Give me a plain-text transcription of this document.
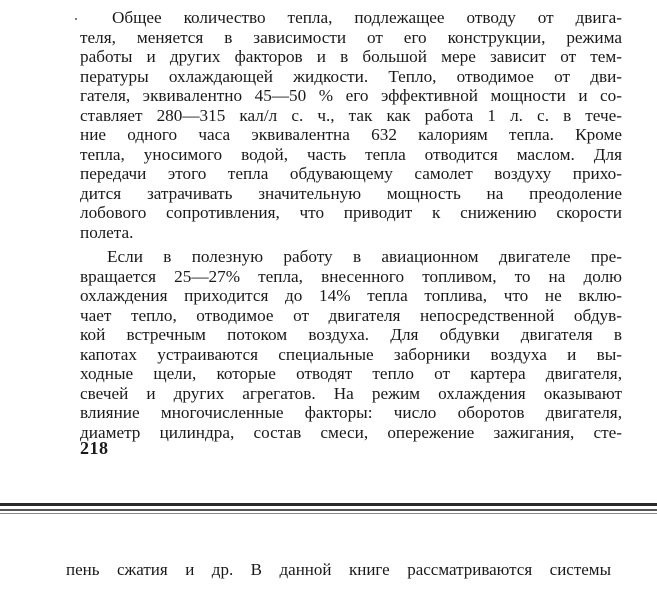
Общее количество тепла, подлежащее отводу от двига-
теля, меняется в зависимости от его конструкции, режима
работы и других факторов и в большой мере зависит от тем-
пературы охлаждающей жидкости. Тепло, отводимое от дви-
гателя, эквивалентно 45—50 % его эффективной мощности и со-
ставляет 280—315 кал/л с. ч., так как работа 1 л. с. в тече-
ние одного часа эквивалентна 632 калориям тепла. Кроме
тепла, уносимого водой, часть тепла отводится маслом. Для
передачи этого тепла обдувающему самолет воздуху прихо-
дится затрачивать значительную мощность на преодоление
лобового сопротивления, что приводит к снижению скорости
полета.

Если в полезную работу в авиационном двигателе пре-
вращается 25—27% тепла, внесенного топливом, то на долю
охлаждения приходится до 14% тепла топлива, что не вклю-
чает тепло, отводимое от двигателя непосредственной обдув-
кой встречным потоком воздуха. Для обдувки двигателя в
капотах устраиваются специальные заборники воздуха и вы-
ходные щели, которые отводят тепло от картера двигателя,
свечей и других агрегатов. На режим охлаждения оказывают
влияние многочисленные факторы: число оборотов двигателя,
диаметр цилиндра, состав смеси, опережение зажигания, сте-

218
пень сжатия и др. В данной книге рассматриваются системы
